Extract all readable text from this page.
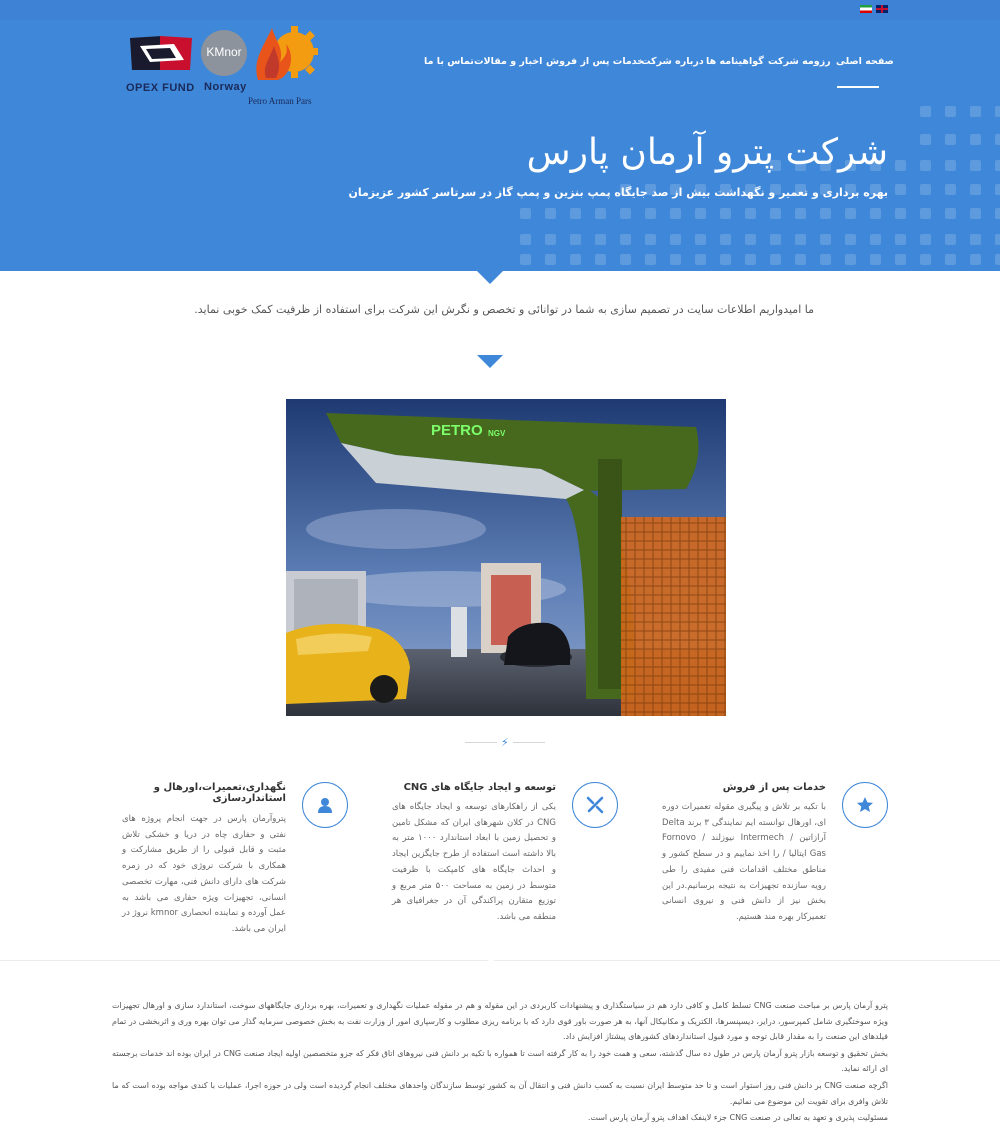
OPEX FUND
KMnor
Norway
Petro Arman Pars
صفحه اصلی
رزومه شرکت
گواهینامه ها
درباره شرکت
خدمات پس از فروش
اخبار و مقالات
تماس با ما
شرکت پترو آرمان پارس
بهره برداری و تعمیر و نگهداشت بیش از صد جایگاه پمپ بنزین و پمپ گاز در سرتاسر کشور عزیزمان
ما امیدواریم اطلاعات سایت در تصمیم سازی به شما در توانائی و تخصص و نگرش این شرکت برای استفاده از ظرفیت کمک خوبی نماید.
PETRO NGV
⚡
خدمات پس از فروش
با تکیه بر تلاش و پیگیری مقوله تعمیرات دوره ای، اورهال توانسته ایم نمایندگی ۳ برند Delta آرازاتین / Intermech نیوزلند / Fornovo Gas ایتالیا / را اخذ نماییم و در سطح کشور و مناطق مختلف اقدامات فنی مفیدی را طی رویه سازنده تجهیزات به نتیجه برسانیم.در این بخش نیز از دانش فنی و نیروی انسانی تعمیرکار بهره مند هستیم.
توسعه و ایجاد جایگاه های CNG
یکی از راهکارهای توسعه و ایجاد جایگاه های CNG در کلان شهرهای ایران که مشکل تامین و تحصیل زمین با ابعاد استاندارد ۱۰۰۰ متر به بالا داشته است استفاده از طرح جایگزین ایجاد و احداث جایگاه های کامپکت با ظرفیت متوسط در زمین به مساحت ۵۰۰ متر مربع و توزیع متقارن پراکندگی آن در جغرافیای هر منطقه می باشد.
نگهداری،تعمیرات،اورهال و استانداردسازی
پتروآرمان پارس در جهت انجام پروژه های نفتی و حفاری چاه در دریا و خشکی تلاش مثبت و قابل قبولی را از طریق مشارکت و همکاری با شرکت نروژی خود که در زمره شرکت های دارای دانش فنی، مهارت تخصصی انسانی، تجهیزات ویژه حفاری می باشد به عمل آورده و نماینده انحصاری kmnor نروژ در ایران می باشد.

پترو آرمان پارس بر مباحث صنعت CNG تسلط کامل و کافی دارد هم در سیاستگذاری و پیشنهادات کاربردی در این مقوله و هم در مقوله عملیات نگهداری و تعمیرات، بهره برداری جایگاههای سوخت، استاندارد سازی و اورهال تجهیزات ویژه سوختگیری شامل کمپرسور، درایر، دیسپنسرها، الکتریک و مکانیکال آنها، به هر صورت باور قوی دارد که با برنامه ریزی مطلوب و کارسپاری امور از وزارت نفت به بخش خصوصی سرمایه گذار می توان بهره وری و اثربخشی در تمام فیلدهای این صنعت را به مقدار قابل توجه و مورد قبول استانداردهای کشورهای پیشتاز افزایش داد.

بخش تحقیق و توسعه بازار پترو آرمان پارس در طول ده سال گذشته، سعی و همت خود را به کار گرفته است تا همواره با تکیه بر دانش فنی نیروهای اتاق فکر که جزو متخصصین اولیه ایجاد صنعت CNG در ایران بوده اند خدمات برجسته ای ارائه نماید.

اگرچه صنعت CNG بر دانش فنی روز استوار است و تا حد متوسط ایران نسبت به کسب دانش فنی و انتقال آن به کشور توسط سازندگان واحدهای مختلف انجام گردیده است ولی در حوزه اجرا، عملیات با کندی مواجه بوده است که ما تلاش وافری برای تقویت این موضوع می نمائیم.

مسئولیت پذیری و تعهد به تعالی در صنعت CNG جزء لاینفک اهداف پترو آرمان پارس است.
